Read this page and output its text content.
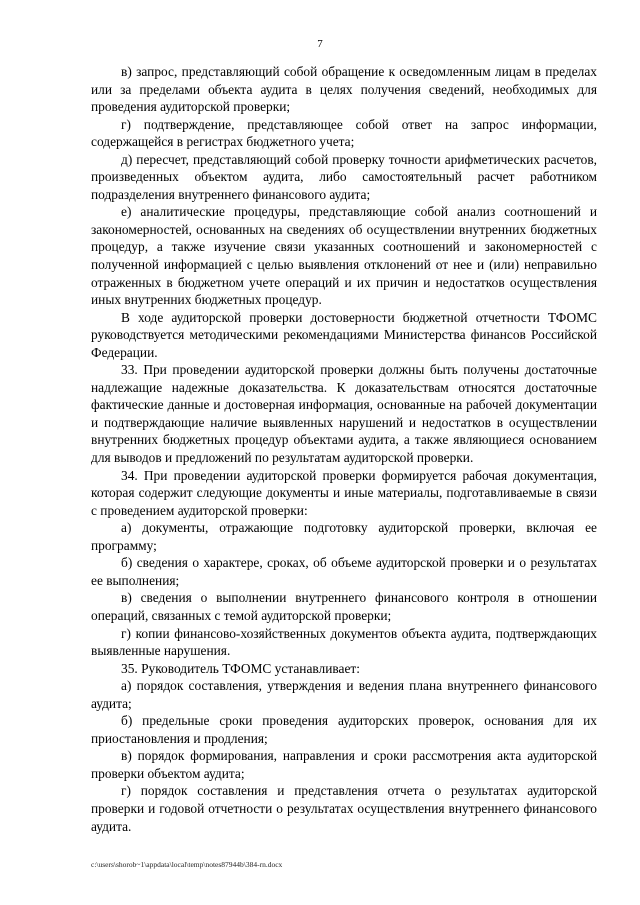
7

в) запрос, представляющий собой обращение к осведомленным лицам в пределах или за пределами объекта аудита в целях получения сведений, необходимых для проведения аудиторской проверки;

г) подтверждение, представляющее собой ответ на запрос информации, содержащейся в регистрах бюджетного учета;

д) пересчет, представляющий собой проверку точности арифметических расчетов, произведенных объектом аудита, либо самостоятельный расчет работником подразделения внутреннего финансового аудита;

е) аналитические процедуры, представляющие собой анализ соотношений и закономерностей, основанных на сведениях об осуществлении внутренних бюджетных процедур, а также изучение связи указанных соотношений и закономерностей с полученной информацией с целью выявления отклонений от нее и (или) неправильно отраженных в бюджетном учете операций и их причин и недостатков осуществления иных внутренних бюджетных процедур.

В ходе аудиторской проверки достоверности бюджетной отчетности ТФОМС руководствуется методическими рекомендациями Министерства финансов Российской Федерации.

33. При проведении аудиторской проверки должны быть получены достаточные надлежащие надежные доказательства. К доказательствам относятся достаточные фактические данные и достоверная информация, основанные на рабочей документации и подтверждающие наличие выявленных нарушений и недостатков в осуществлении внутренних бюджетных процедур объектами аудита, а также являющиеся основанием для выводов и предложений по результатам аудиторской проверки.

34. При проведении аудиторской проверки формируется рабочая документация, которая содержит следующие документы и иные материалы, подготавливаемые в связи с проведением аудиторской проверки:

а) документы, отражающие подготовку аудиторской проверки, включая ее программу;

б) сведения о характере, сроках, об объеме аудиторской проверки и о результатах ее выполнения;

в) сведения о выполнении внутреннего финансового контроля в отношении операций, связанных с темой аудиторской проверки;

г) копии финансово-хозяйственных документов объекта аудита, подтверждающих выявленные нарушения.

35. Руководитель ТФОМС устанавливает:

а) порядок составления, утверждения и ведения плана внутреннего финансового аудита;

б) предельные сроки проведения аудиторских проверок, основания для их приостановления и продления;

в) порядок формирования, направления и сроки рассмотрения акта аудиторской проверки объектом аудита;

г) порядок составления и представления отчета о результатах аудиторской проверки и годовой отчетности о результатах осуществления внутреннего финансового аудита.

c:\users\shorob~1\appdata\local\temp\notes87944b\384-rn.docx
